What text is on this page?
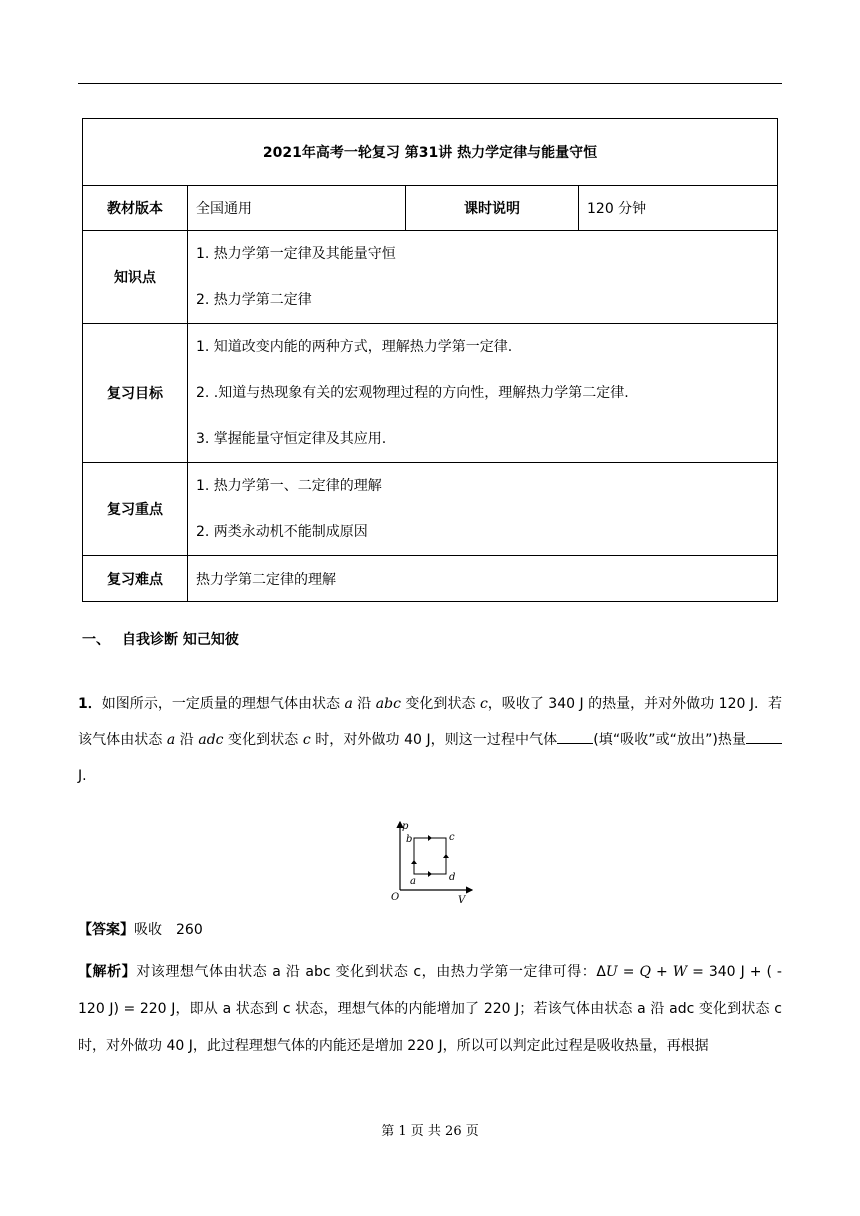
2021年高考一轮复习 第31讲 热力学定律与能量守恒			
教材版本	全国通用	课时说明	120 分钟
知识点	1. 热力学第一定律及其能量守恒

2. 热力学第二定律		

复习目标	1. 知道改变内能的两种方式，理解热力学第一定律.

2. .知道与热现象有关的宏观物理过程的方向性，理解热力学第二定律.

3. 掌握能量守恒定律及其应用.		

复习重点	1. 热力学第一、二定律的理解

2. 两类永动机不能制成原因		

复习难点	热力学第二定律的理解		
一、 自我诊断 知己知彼
1．如图所示，一定质量的理想气体由状态 a 沿 abc 变化到状态 c，吸收了 340 J 的热量，并对外做功 120 J．若该气体由状态 a 沿 adc 变化到状态 c 时，对外做功 40 J，则这一过程中气体	(填“吸收”或“放出”)热量J.
p
V
O
b	c
a	d
【答案】吸收　260
【解析】对该理想气体由状态 a 沿 abc 变化到状态 c，由热力学第一定律可得：ΔU = Q + W = 340 J + ( - 120 J) = 220 J，即从 a 状态到 c 状态，理想气体的内能增加了 220 J；若该气体由状态 a 沿 adc 变化到状态 c 时，对外做功 40 J，此过程理想气体的内能还是增加 220 J，所以可以判定此过程是吸收热量，再根据
第 1 页 共 26 页
